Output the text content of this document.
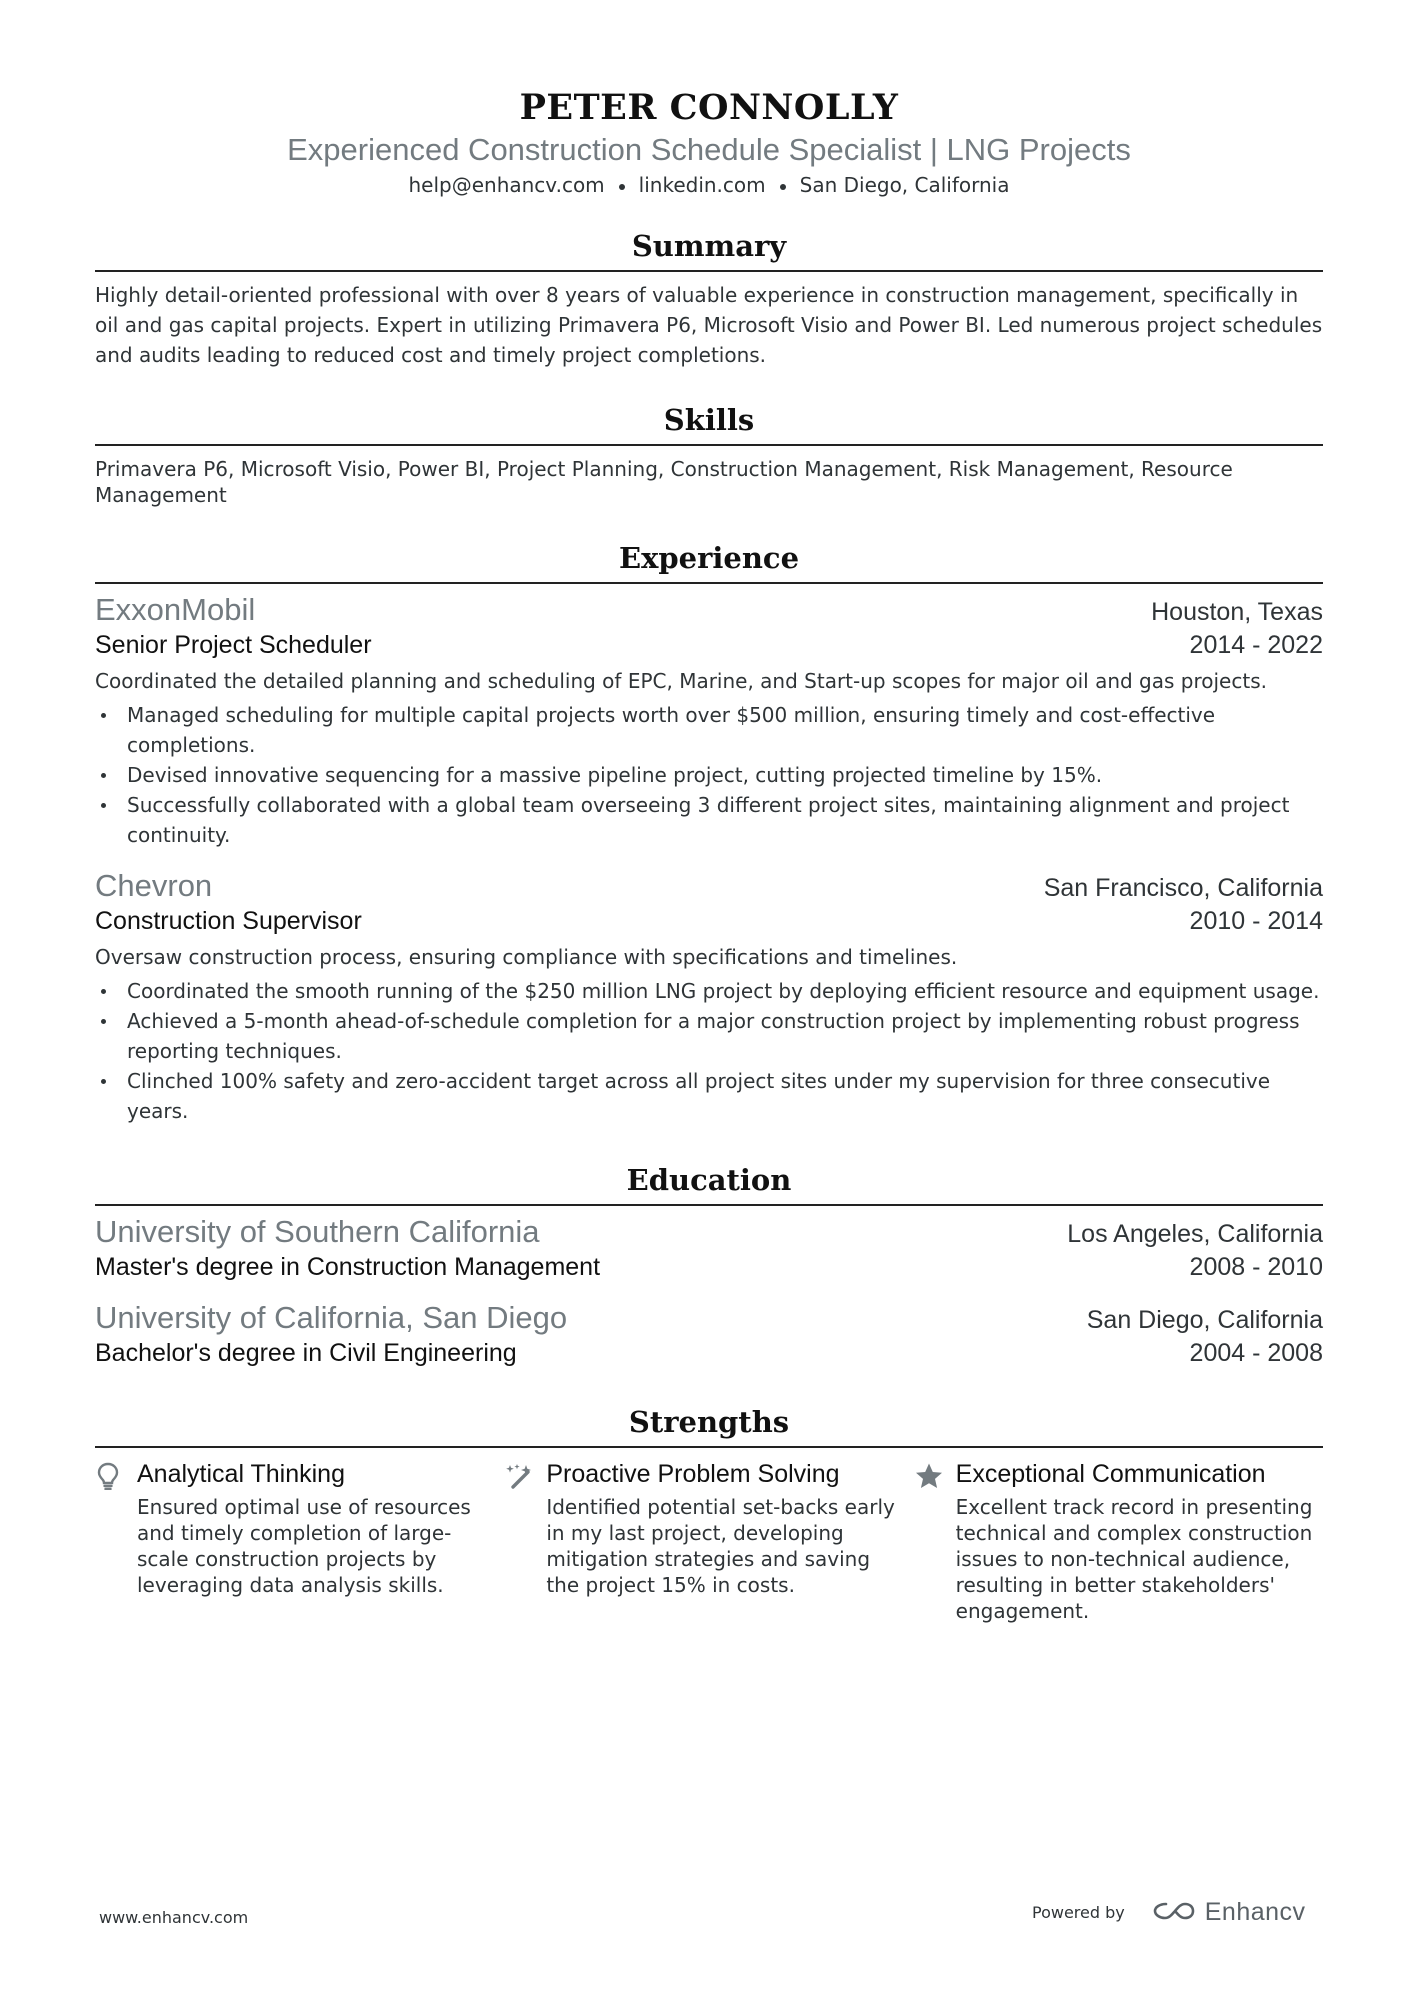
PETER CONNOLLY
Experienced Construction Schedule Specialist | LNG Projects
help@enhancv.com linkedin.com San Diego, California
Summary
Highly detail-oriented professional with over 8 years of valuable experience in construction management, specifically in oil and gas capital projects. Expert in utilizing Primavera P6, Microsoft Visio and Power BI. Led numerous project schedules and audits leading to reduced cost and timely project completions.
Skills
Primavera P6, Microsoft Visio, Power BI, Project Planning, Construction Management, Risk Management, Resource Management
Experience
ExxonMobil	Houston, Texas
Senior Project Scheduler	2014 - 2022
Coordinated the detailed planning and scheduling of EPC, Marine, and Start-up scopes for major oil and gas projects.
Managed scheduling for multiple capital projects worth over $500 million, ensuring timely and cost-effective completions.
Devised innovative sequencing for a massive pipeline project, cutting projected timeline by 15%.
Successfully collaborated with a global team overseeing 3 different project sites, maintaining alignment and project continuity.
Chevron	San Francisco, California
Construction Supervisor	2010 - 2014
Oversaw construction process, ensuring compliance with specifications and timelines.
Coordinated the smooth running of the $250 million LNG project by deploying efficient resource and equipment usage.
Achieved a 5-month ahead-of-schedule completion for a major construction project by implementing robust progress reporting techniques.
Clinched 100% safety and zero-accident target across all project sites under my supervision for three consecutive years.
Education
University of Southern California	Los Angeles, California
Master's degree in Construction Management	2008 - 2010
University of California, San Diego	San Diego, California
Bachelor's degree in Civil Engineering	2004 - 2008
Strengths
Analytical Thinking
Ensured optimal use of resources and timely completion of large-scale construction projects by leveraging data analysis skills.
Proactive Problem Solving
Identified potential set-backs early in my last project, developing mitigation strategies and saving the project 15% in costs.
Exceptional Communication
Excellent track record in presenting technical and complex construction issues to non-technical audience, resulting in better stakeholders' engagement.
www.enhancv.com	Powered by	Enhancv
